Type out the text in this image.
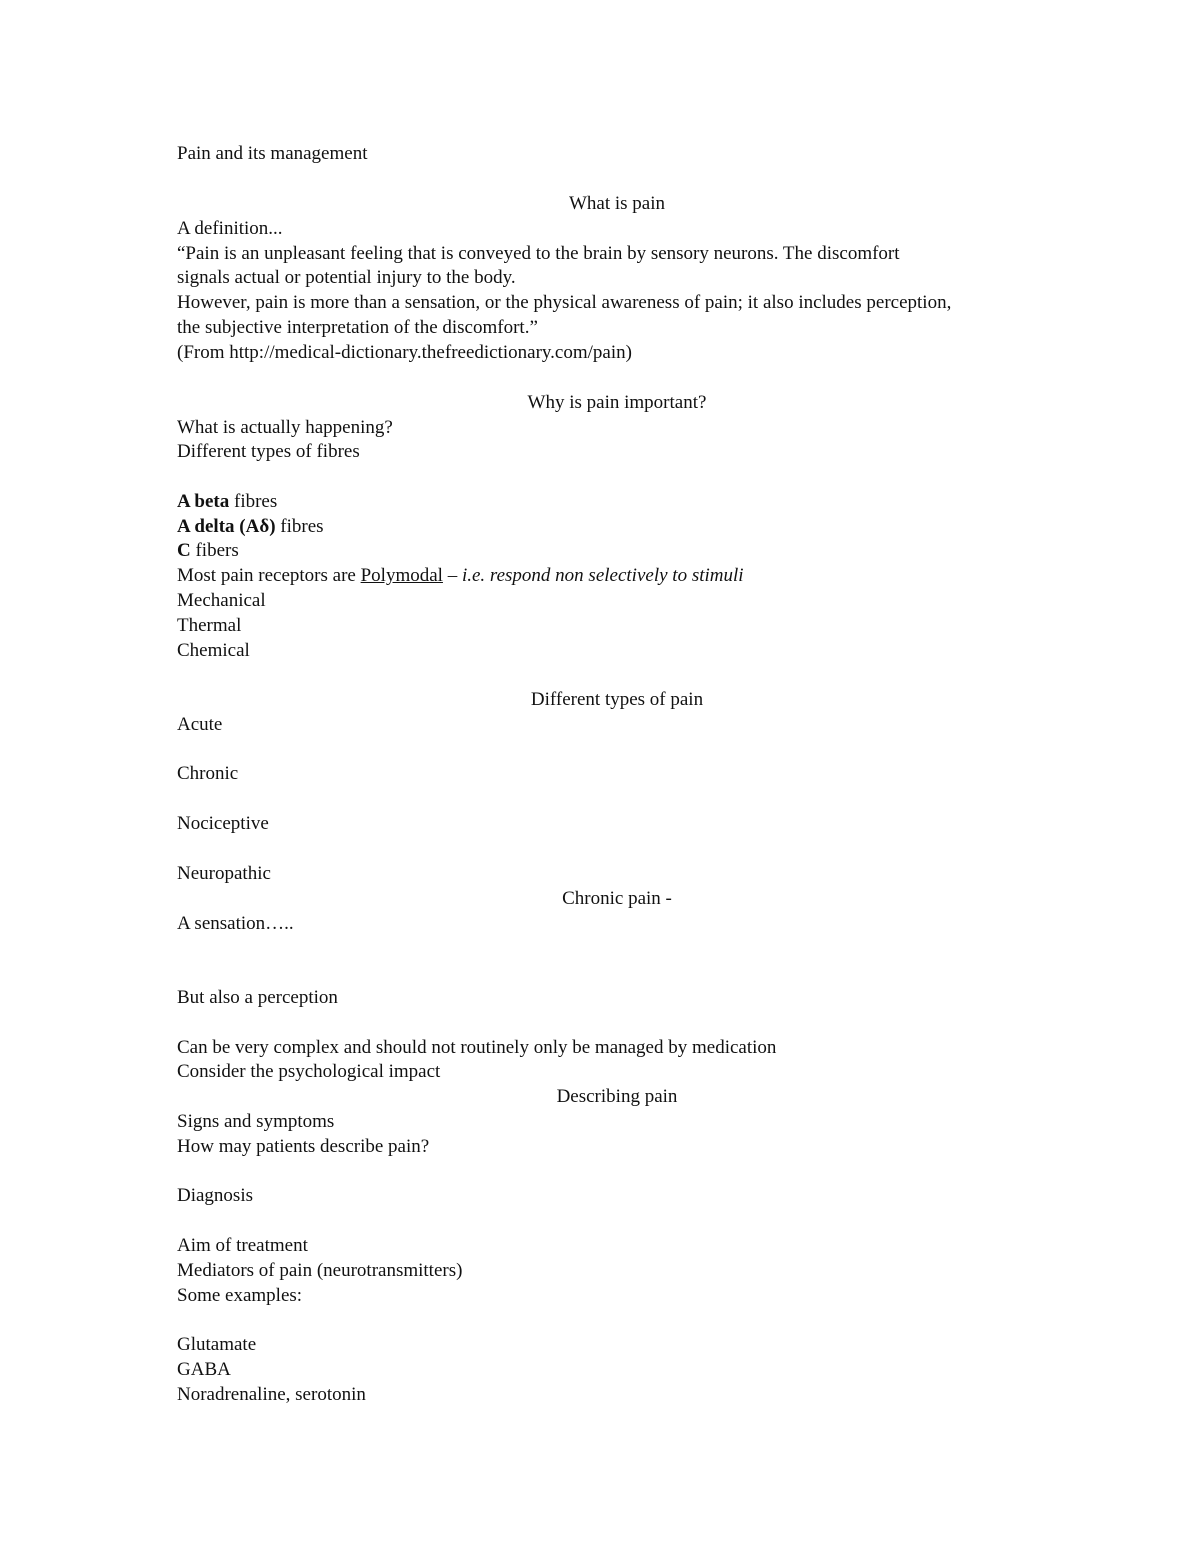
Pain and its management
What is pain
A definition...
“Pain is an unpleasant feeling that is conveyed to the brain by sensory neurons. The discomfort
signals actual or potential injury to the body.
However, pain is more than a sensation, or the physical awareness of pain; it also includes perception,
the subjective interpretation of the discomfort.”
(From http://medical-dictionary.thefreedictionary.com/pain)
Why is pain important?
What is actually happening?
Different types of fibres
A beta fibres
A delta (Aδ) fibres
C fibers
Most pain receptors are Polymodal – i.e. respond non selectively to stimuli
Mechanical
Thermal
Chemical
Different types of pain
Acute
Chronic
Nociceptive
Neuropathic
Chronic pain -
A sensation…..
But also a perception
Can be very complex and should not routinely only be managed by medication
Consider the psychological impact
Describing pain
Signs and symptoms
How may patients describe pain?
Diagnosis
Aim of treatment
Mediators of pain (neurotransmitters)
Some examples:
Glutamate
GABA
Noradrenaline, serotonin
